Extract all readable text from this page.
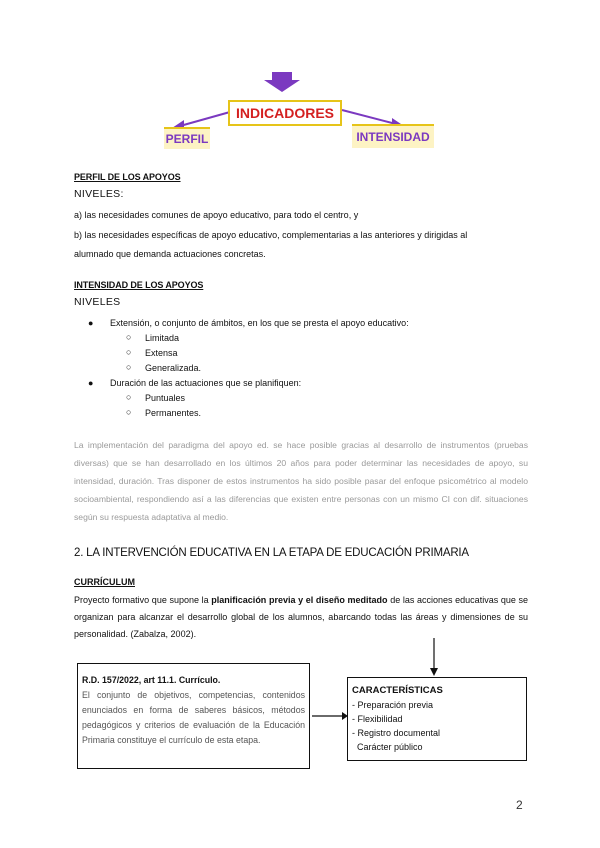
INDICADORES
PERFIL	INTENSIDAD
PERFIL DE LOS APOYOS
NIVELES:
a) las necesidades comunes de apoyo educativo, para todo el centro, y
b) las necesidades específicas de apoyo educativo, complementarias a las anteriores y dirigidas al
alumnado que demanda actuaciones concretas.
INTENSIDAD DE LOS APOYOS
NIVELES
● Extensión, o conjunto de ámbitos, en los que se presta el apoyo educativo:
○ Limitada
○ Extensa
○ Generalizada.
● Duración de las actuaciones que se planifiquen:
○ Puntuales
○ Permanentes.
La implementación del paradigma del apoyo ed. se hace posible gracias al desarrollo de instrumentos (pruebas diversas) que se han desarrollado en los últimos 20 años para poder determinar las necesidades de apoyo, su intensidad, duración. Tras disponer de estos instrumentos ha sido posible pasar del enfoque psicométrico al modelo socioambiental, respondiendo así a las diferencias que existen entre personas con un mismo CI con dif. situaciones según su respuesta adaptativa al medio.
2. LA INTERVENCIÓN EDUCATIVA EN LA ETAPA DE EDUCACIÓN PRIMARIA
CURRÍCULUM
Proyecto formativo que supone la planificación previa y el diseño meditado de las acciones educativas que se organizan para alcanzar el desarrollo global de los alumnos, abarcando todas las áreas y dimensiones de su personalidad. (Zabalza, 2002).
R.D. 157/2022, art 11.1. Currículo.
El conjunto de objetivos, competencias, contenidos enunciados en forma de saberes básicos, métodos pedagógicos y criterios de evaluación de la Educación Primaria constituye el currículo de esta etapa.
CARACTERÍSTICAS
- Preparación previa
- Flexibilidad
- Registro documental
Carácter público
2
